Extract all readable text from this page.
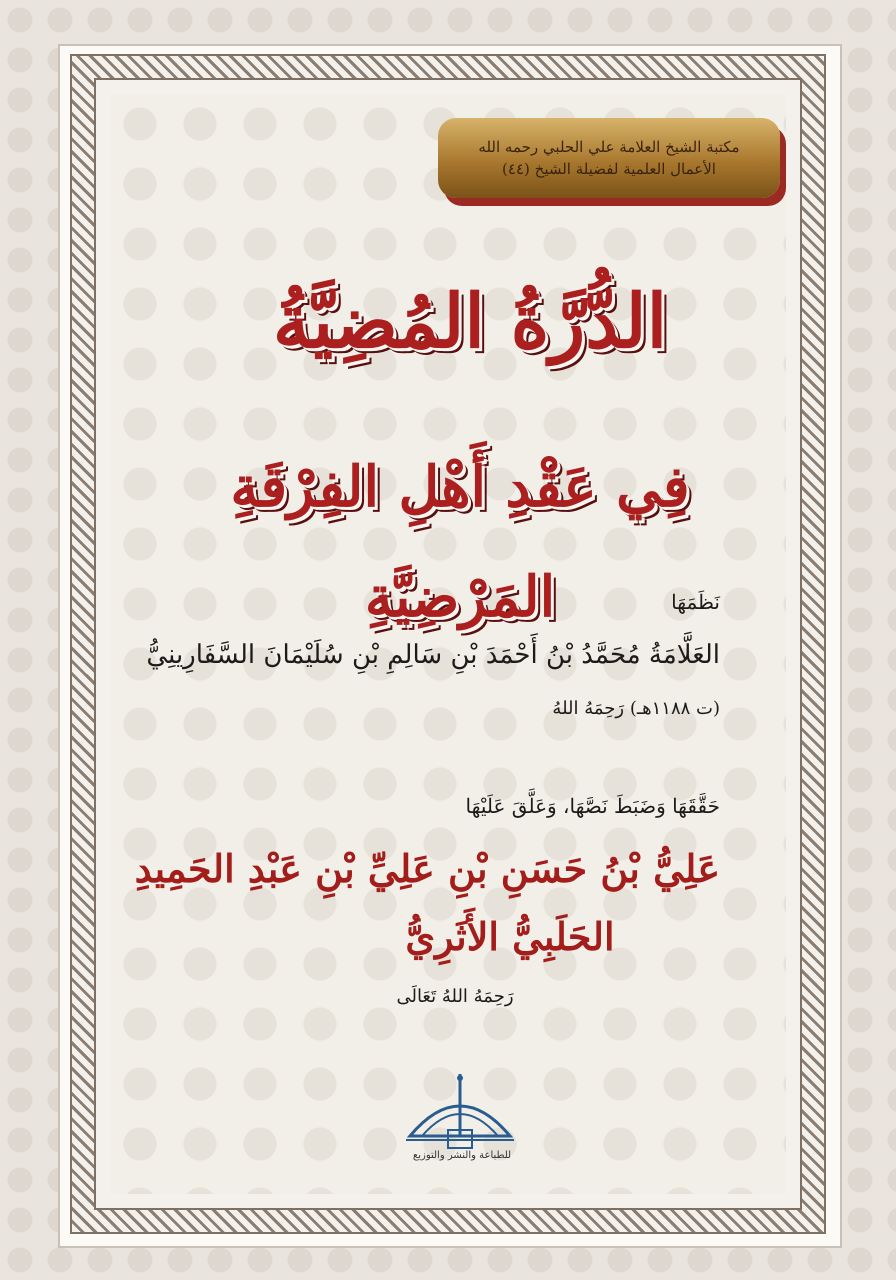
مكتبة الشيخ العلامة علي الحلبي رحمه الله
الأعمال العلمية لفضيلة الشيخ (٤٤)
الدُّرَّةُ المُضِيَّةُ
فِي عَقْدِ أَهْلِ الفِرْقَةِ المَرْضِيَّةِ	نَظَمَهَا
العَلَّامَةُ مُحَمَّدُ بْنُ أَحْمَدَ بْنِ سَالِمِ بْنِ سُلَيْمَانَ السَّفَارِينِيُّ
(ت ١١٨٨هـ) رَحِمَهُ اللهُ
حَقَّقَهَا وَضَبَطَ نَصَّهَا، وَعَلَّقَ عَلَيْهَا
عَلِيُّ بْنُ حَسَنِ بْنِ عَلِيِّ بْنِ عَبْدِ الحَمِيدِ
الحَلَبِيُّ الأَثَرِيُّ
رَحِمَهُ اللهُ تَعَالَى
للطباعة والنشر والتوزيع
